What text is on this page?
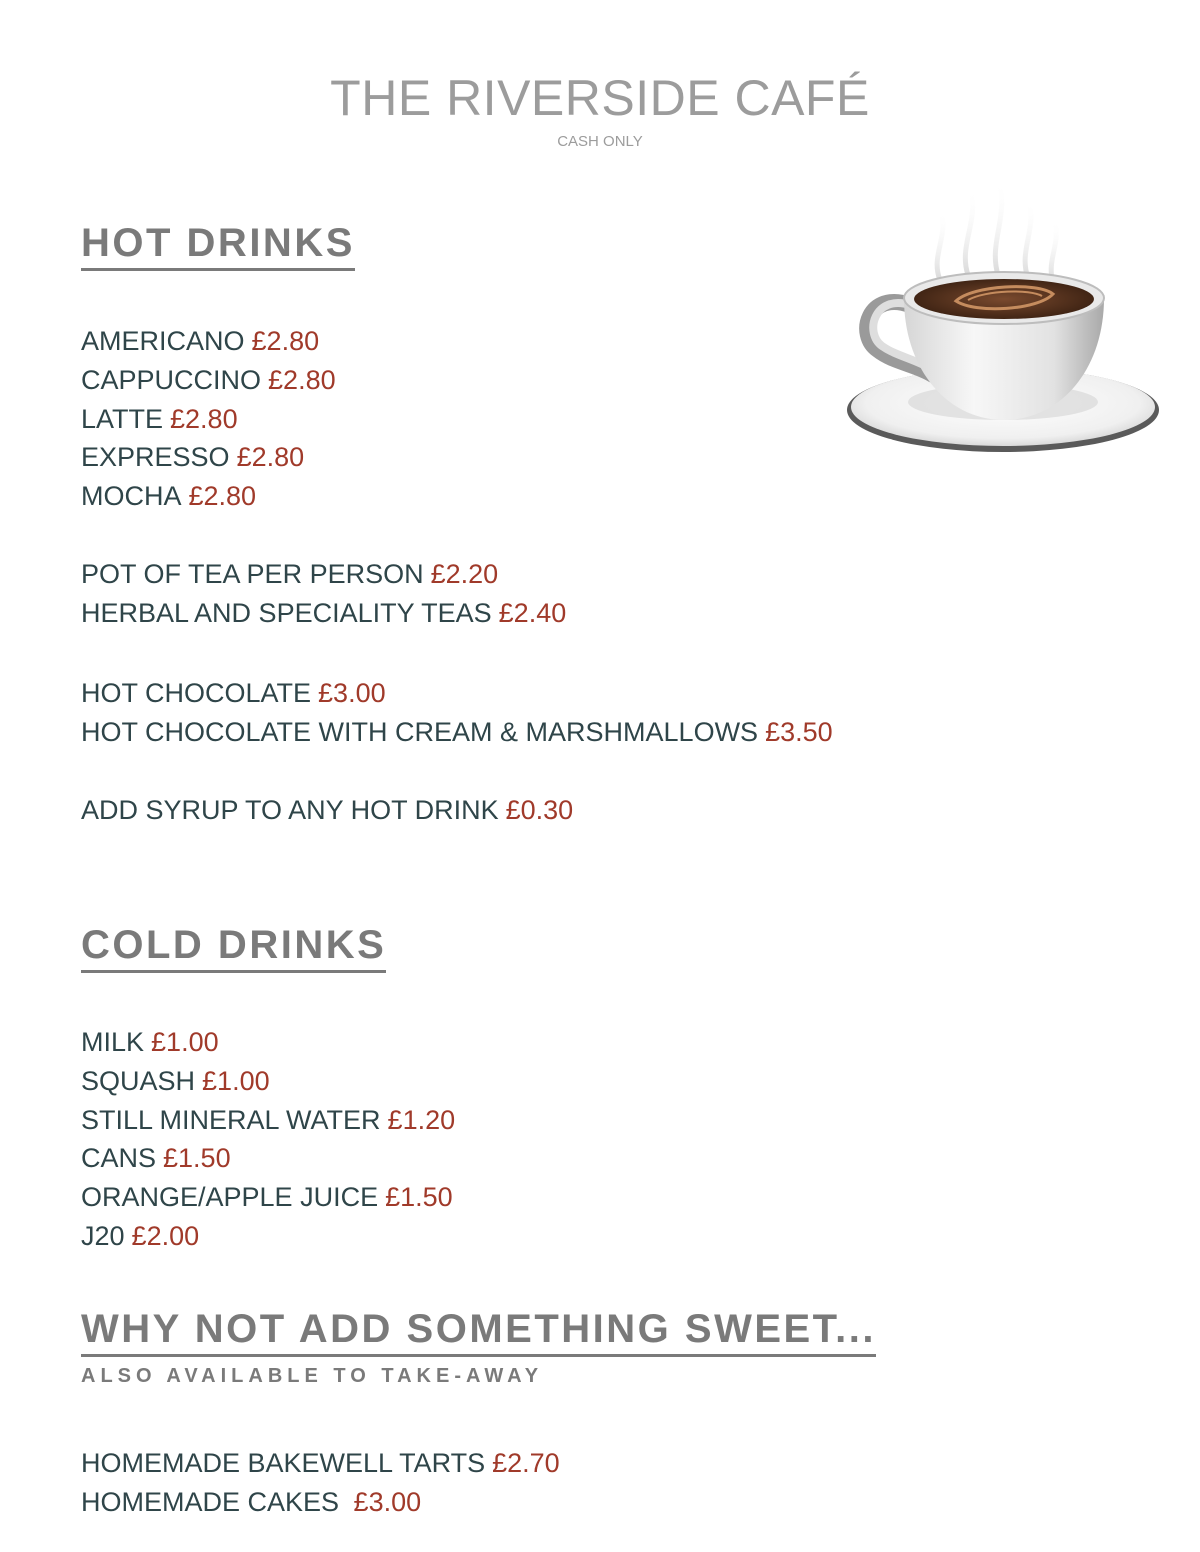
THE RIVERSIDE CAFÉ
CASH ONLY
HOT DRINKS
AMERICANO £2.80
CAPPUCCINO £2.80
LATTE £2.80
EXPRESSO £2.80
MOCHA £2.80
POT OF TEA PER PERSON £2.20
HERBAL AND SPECIALITY TEAS £2.40
HOT CHOCOLATE £3.00
HOT CHOCOLATE WITH CREAM & MARSHMALLOWS £3.50
ADD SYRUP TO ANY HOT DRINK £0.30
COLD DRINKS
MILK £1.00
SQUASH £1.00
STILL MINERAL WATER £1.20
CANS £1.50
ORANGE/APPLE JUICE £1.50
J20 £2.00
WHY NOT ADD SOMETHING SWEET...
ALSO AVAILABLE TO TAKE-AWAY
HOMEMADE BAKEWELL TARTS £2.70
HOMEMADE CAKES £3.00
